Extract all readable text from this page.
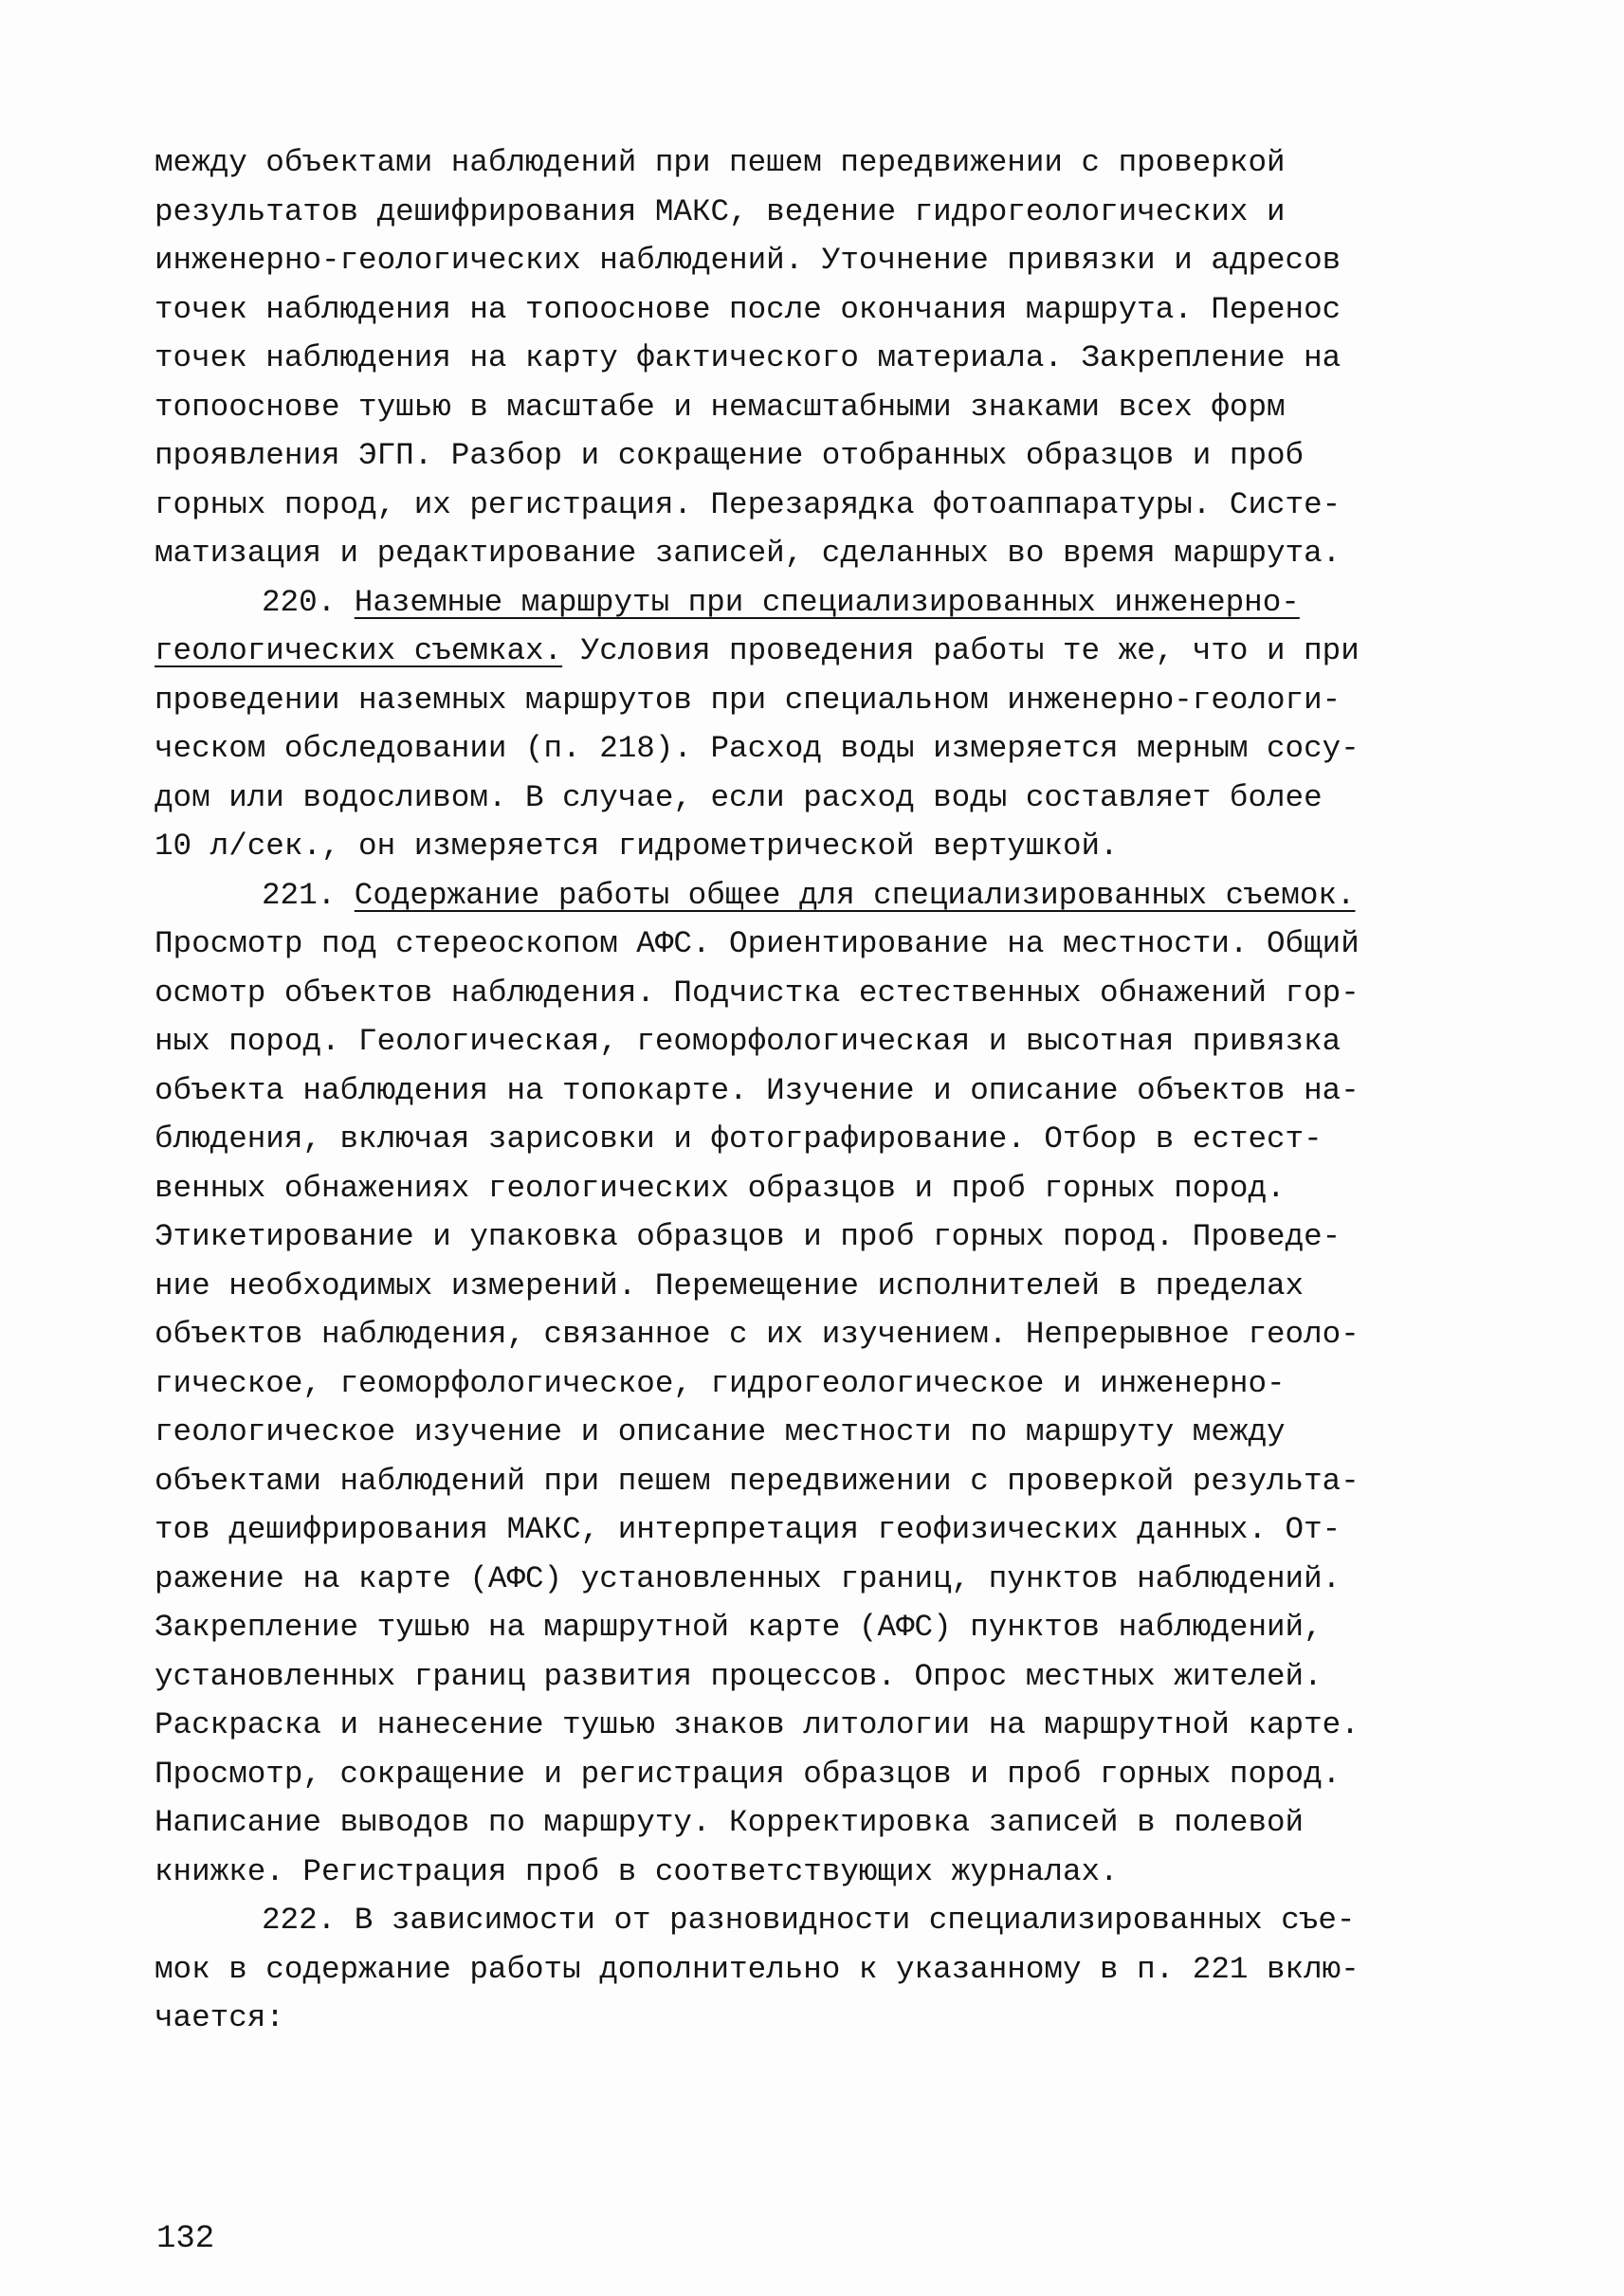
между объектами наблюдений при пешем передвижении с проверкой
результатов дешифрирования МАКС, ведение гидрогеологических и
инженерно-геологических наблюдений. Уточнение привязки и адресов
точек наблюдения на топооснове после окончания маршрута. Перенос
точек наблюдения на карту фактического материала. Закрепление на
топооснове тушью в масштабе и немасштабными знаками всех форм
проявления ЭГП. Разбор и сокращение отобранных образцов и проб
горных пород, их регистрация. Перезарядка фотоаппаратуры. Систе-
матизация и редактирование записей, сделанных во время маршрута.
220. Наземные маршруты при специализированных инженерно-
геологических съемках. Условия проведения работы те же, что и при
проведении наземных маршрутов при специальном инженерно-геологи-
ческом обследовании (п. 218). Расход воды измеряется мерным сосу-
дом или водосливом. В случае, если расход воды составляет более
10 л/сек., он измеряется гидрометрической вертушкой.
221. Содержание работы общее для специализированных съемок.
Просмотр под стереоскопом АФС. Ориентирование на местности. Общий
осмотр объектов наблюдения. Подчистка естественных обнажений гор-
ных пород. Геологическая, геоморфологическая и высотная привязка
объекта наблюдения на топокарте. Изучение и описание объектов на-
блюдения, включая зарисовки и фотографирование. Отбор в естест-
венных обнажениях геологических образцов и проб горных пород.
Этикетирование и упаковка образцов и проб горных пород. Проведе-
ние необходимых измерений. Перемещение исполнителей в пределах
объектов наблюдения, связанное с их изучением. Непрерывное геоло-
гическое, геоморфологическое, гидрогеологическое и инженерно-
геологическое изучение и описание местности по маршруту между
объектами наблюдений при пешем передвижении с проверкой результа-
тов дешифрирования МАКС, интерпретация геофизических данных. От-
ражение на карте (АФС) установленных границ, пунктов наблюдений.
Закрепление тушью на маршрутной карте (АФС) пунктов наблюдений,
установленных границ развития процессов. Опрос местных жителей.
Раскраска и нанесение тушью знаков литологии на маршрутной карте.
Просмотр, сокращение и регистрация образцов и проб горных пород.
Написание выводов по маршруту. Корректировка записей в полевой
книжке. Регистрация проб в соответствующих журналах.
222. В зависимости от разновидности специализированных съе-
мок в содержание работы дополнительно к указанному в п. 221 вклю-
чается:
132
